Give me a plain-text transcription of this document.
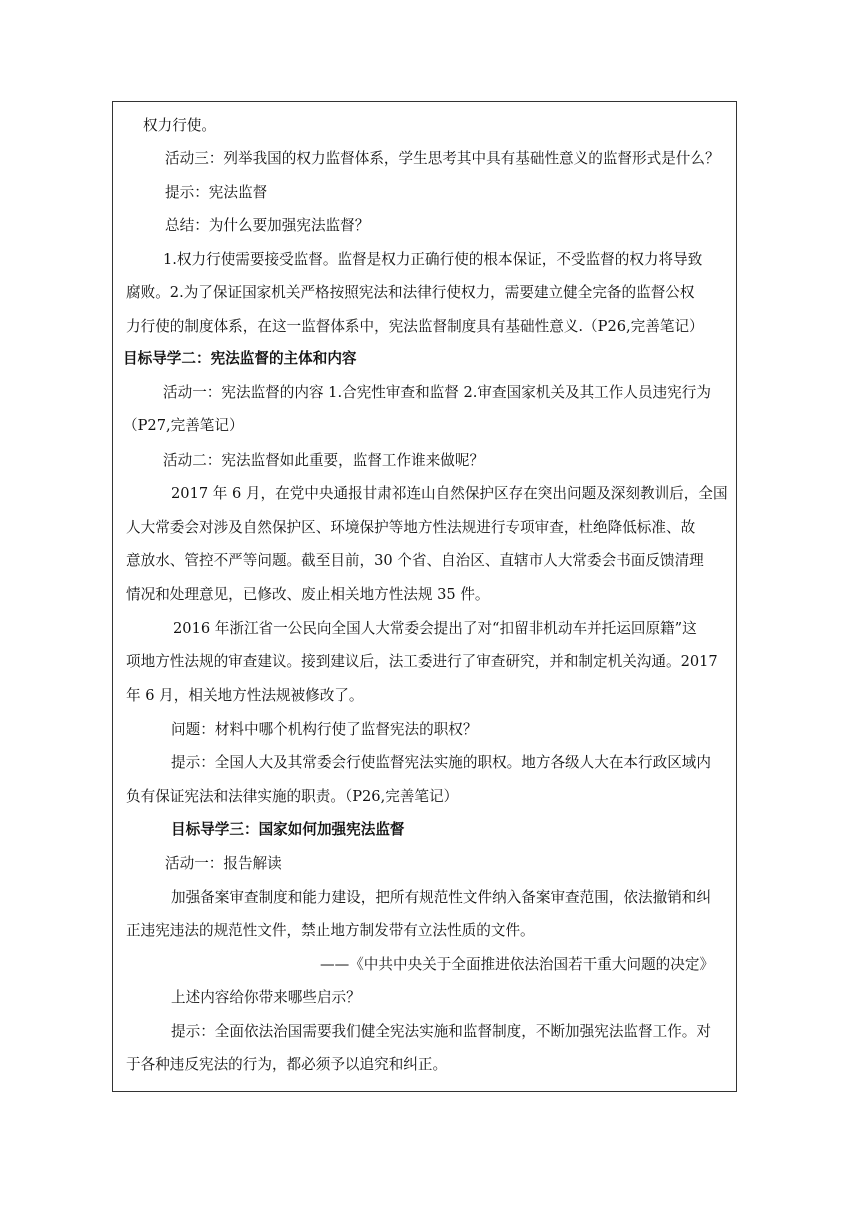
权力行使。
活动三：列举我国的权力监督体系，学生思考其中具有基础性意义的监督形式是什么？
提示：宪法监督
总结：为什么要加强宪法监督？
1.权力行使需要接受监督。监督是权力正确行使的根本保证，不受监督的权力将导致
腐败。2.为了保证国家机关严格按照宪法和法律行使权力，需要建立健全完备的监督公权
力行使的制度体系，在这一监督体系中，宪法监督制度具有基础性意义.（P26,完善笔记）
目标导学二：宪法监督的主体和内容
活动一：宪法监督的内容 1.合宪性审查和监督 2.审查国家机关及其工作人员违宪行为
（P27,完善笔记）
活动二：宪法监督如此重要，监督工作谁来做呢？
2017 年 6 月，在党中央通报甘肃祁连山自然保护区存在突出问题及深刻教训后，全国
人大常委会对涉及自然保护区、环境保护等地方性法规进行专项审查，杜绝降低标准、故
意放水、管控不严等问题。截至目前，30 个省、自治区、直辖市人大常委会书面反馈清理
情况和处理意见，已修改、废止相关地方性法规 35 件。
2016 年浙江省一公民向全国人大常委会提出了对“扣留非机动车并托运回原籍”这
项地方性法规的审查建议。接到建议后，法工委进行了审查研究，并和制定机关沟通。2017
年 6 月，相关地方性法规被修改了。
问题：材料中哪个机构行使了监督宪法的职权？
提示：全国人大及其常委会行使监督宪法实施的职权。地方各级人大在本行政区域内
负有保证宪法和法律实施的职责。（P26,完善笔记）
目标导学三：国家如何加强宪法监督
活动一：报告解读
加强备案审查制度和能力建设，把所有规范性文件纳入备案审查范围，依法撤销和纠
正违宪违法的规范性文件，禁止地方制发带有立法性质的文件。
——《中共中央关于全面推进依法治国若干重大问题的决定》
上述内容给你带来哪些启示？
提示：全面依法治国需要我们健全宪法实施和监督制度，不断加强宪法监督工作。对
于各种违反宪法的行为，都必须予以追究和纠正。
